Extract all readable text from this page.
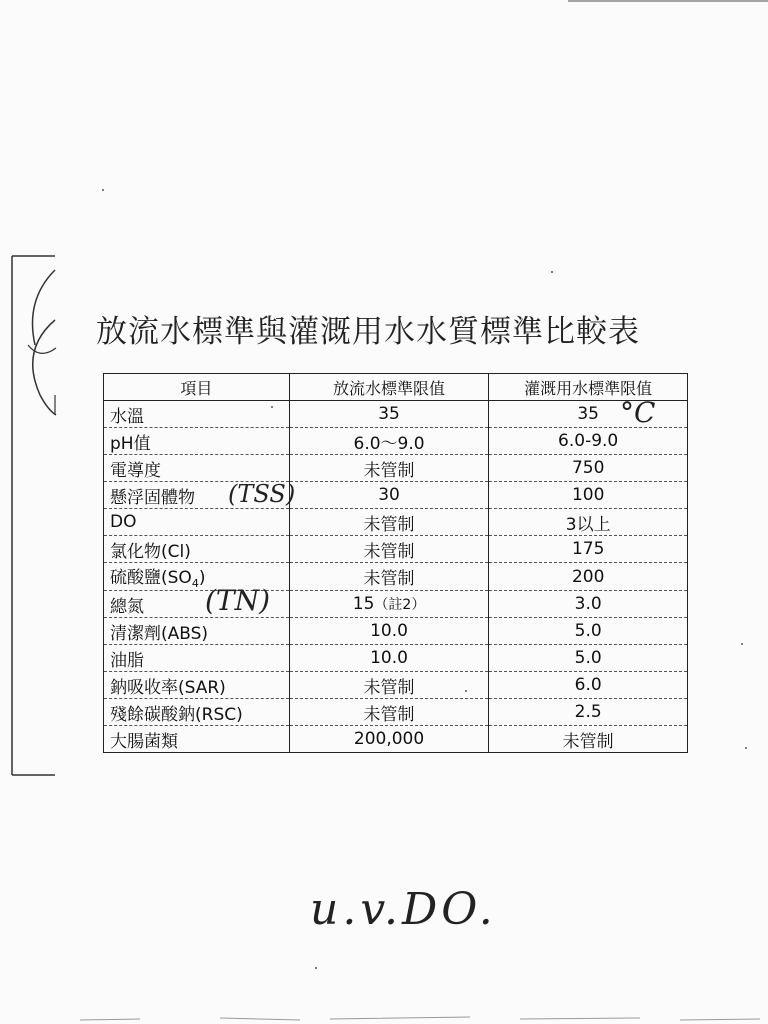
放流水標準與灌溉用水水質標準比較表
項目	放流水標準限值	灌溉用水標準限值
水溫	35	35
pH值	6.0～9.0	6.0-9.0
電導度	未管制	750
懸浮固體物	30	100
DO	未管制	3以上
氯化物(Cl)	未管制	175
硫酸鹽$(SO_4)$	未管制	200
總氮	15（註2）	3.0
清潔劑(ABS)	10.0	5.0
油脂	10.0	5.0
鈉吸收率(SAR)	未管制	6.0
殘餘碳酸鈉(RSC)	未管制	2.5
大腸菌類	200,000	未管制
°C
(TSS)
(TN)
u.v.DO.
